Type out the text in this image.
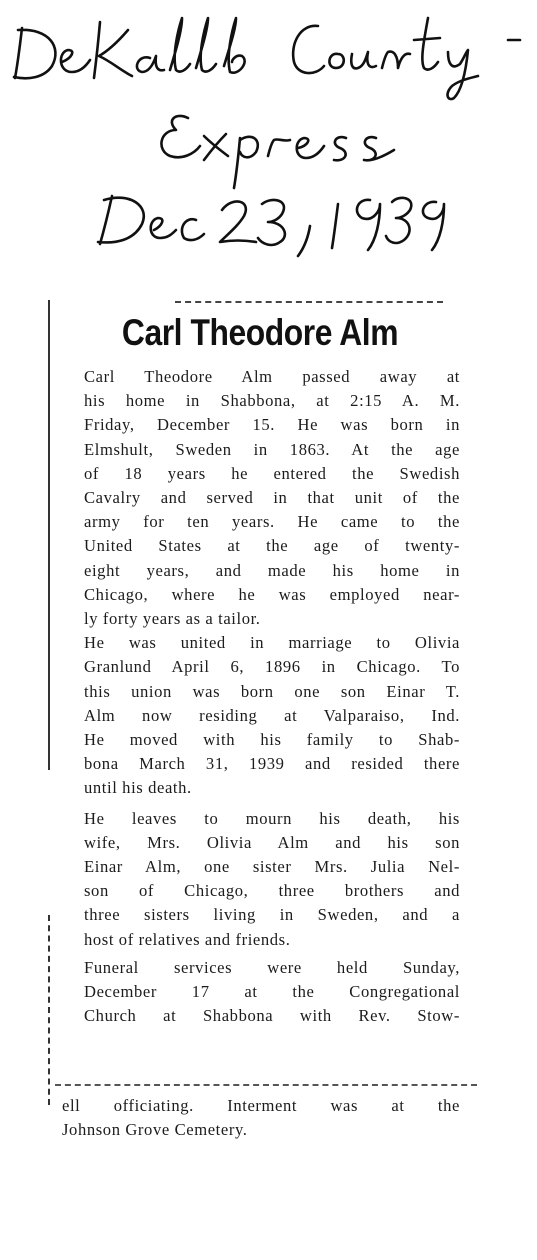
Carl Theodore Alm
Carl Theodore Alm passed away at
his home in Shabbona, at 2:15 A. M.
Friday, December 15. He was born in
Elmshult, Sweden in 1863. At the age
of 18 years he entered the Swedish
Cavalry and served in that unit of the
army for ten years. He came to the
United States at the age of twenty-
eight years, and made his home in
Chicago, where he was employed near-
ly forty years as a tailor.
He was united in marriage to Olivia
Granlund April 6, 1896 in Chicago. To
this union was born one son Einar T.
Alm now residing at Valparaiso, Ind.
He moved with his family to Shab-
bona March 31, 1939 and resided there
until his death.
He leaves to mourn his death, his
wife, Mrs. Olivia Alm and his son
Einar Alm, one sister Mrs. Julia Nel-
son of Chicago, three brothers and
three sisters living in Sweden, and a
host of relatives and friends.
Funeral services were held Sunday,
December 17 at the Congregational
Church at Shabbona with Rev. Stow-
ell officiating. Interment was at the
Johnson Grove Cemetery.
